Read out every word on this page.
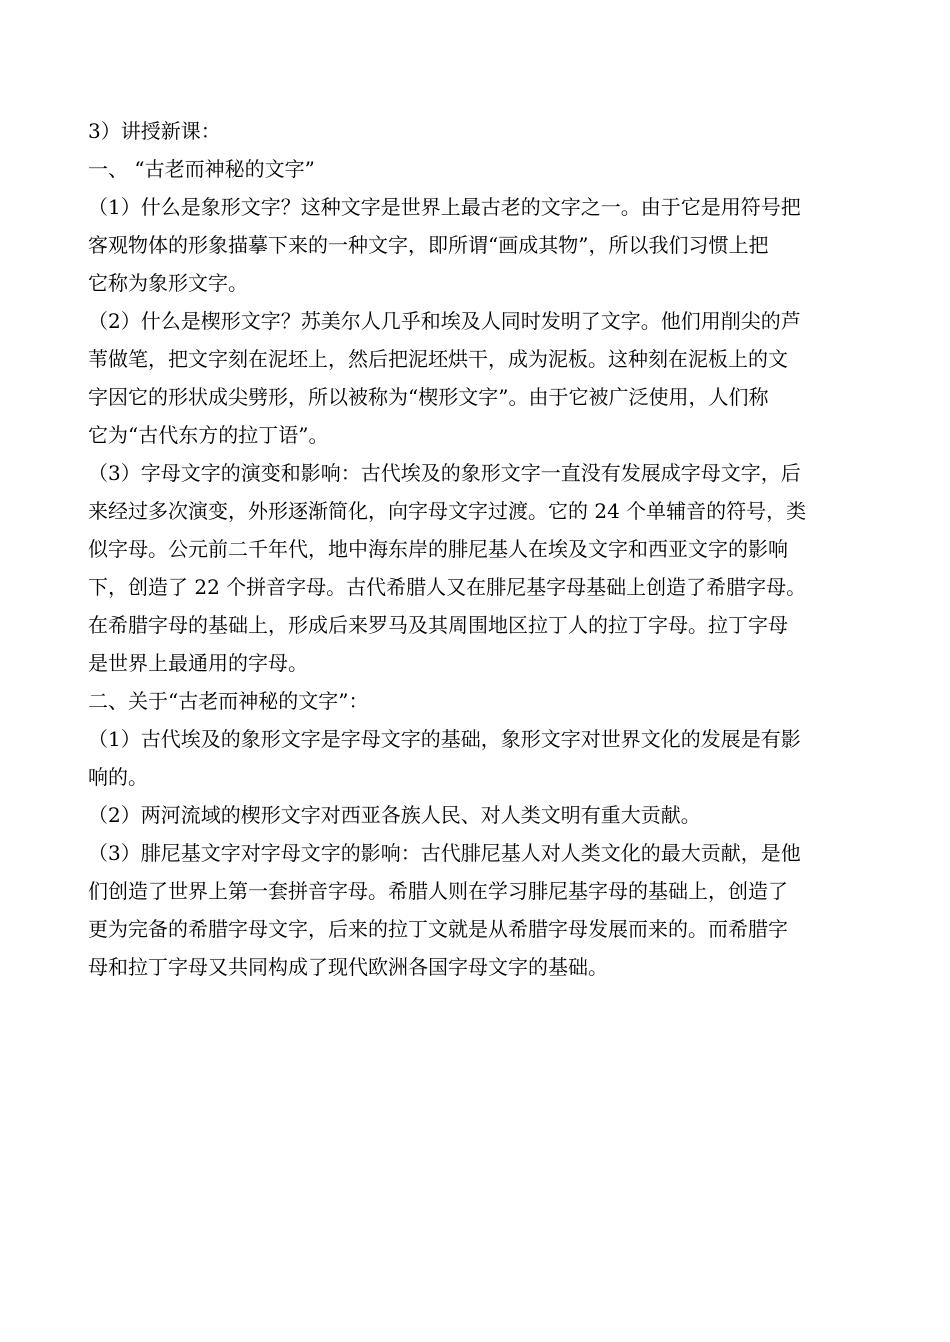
3）讲授新课：

一、 “古老而神秘的文字”

（1）什么是象形文字？这种文字是世界上最古老的文字之一。由于它是用符号把
客观物体的形象描摹下来的一种文字，即所谓“画成其物”，所以我们习惯上把
它称为象形文字。
（2）什么是楔形文字？苏美尔人几乎和埃及人同时发明了文字。他们用削尖的芦
苇做笔，把文字刻在泥坯上，然后把泥坯烘干，成为泥板。这种刻在泥板上的文
字因它的形状成尖劈形，所以被称为“楔形文字”。由于它被广泛使用，人们称
它为“古代东方的拉丁语”。
（3）字母文字的演变和影响：古代埃及的象形文字一直没有发展成字母文字，后
来经过多次演变，外形逐渐简化，向字母文字过渡。它的 24 个单辅音的符号，类
似字母。公元前二千年代，地中海东岸的腓尼基人在埃及文字和西亚文字的影响
下，创造了 22 个拼音字母。古代希腊人又在腓尼基字母基础上创造了希腊字母。
在希腊字母的基础上，形成后来罗马及其周围地区拉丁人的拉丁字母。拉丁字母
是世界上最通用的字母。

二、关于“古老而神秘的文字”：

（1）古代埃及的象形文字是字母文字的基础，象形文字对世界文化的发展是有影
响的。
（2）两河流域的楔形文字对西亚各族人民、对人类文明有重大贡献。
（3）腓尼基文字对字母文字的影响：古代腓尼基人对人类文化的最大贡献，是他
们创造了世界上第一套拼音字母。希腊人则在学习腓尼基字母的基础上，创造了
更为完备的希腊字母文字，后来的拉丁文就是从希腊字母发展而来的。而希腊字
母和拉丁字母又共同构成了现代欧洲各国字母文字的基础。
